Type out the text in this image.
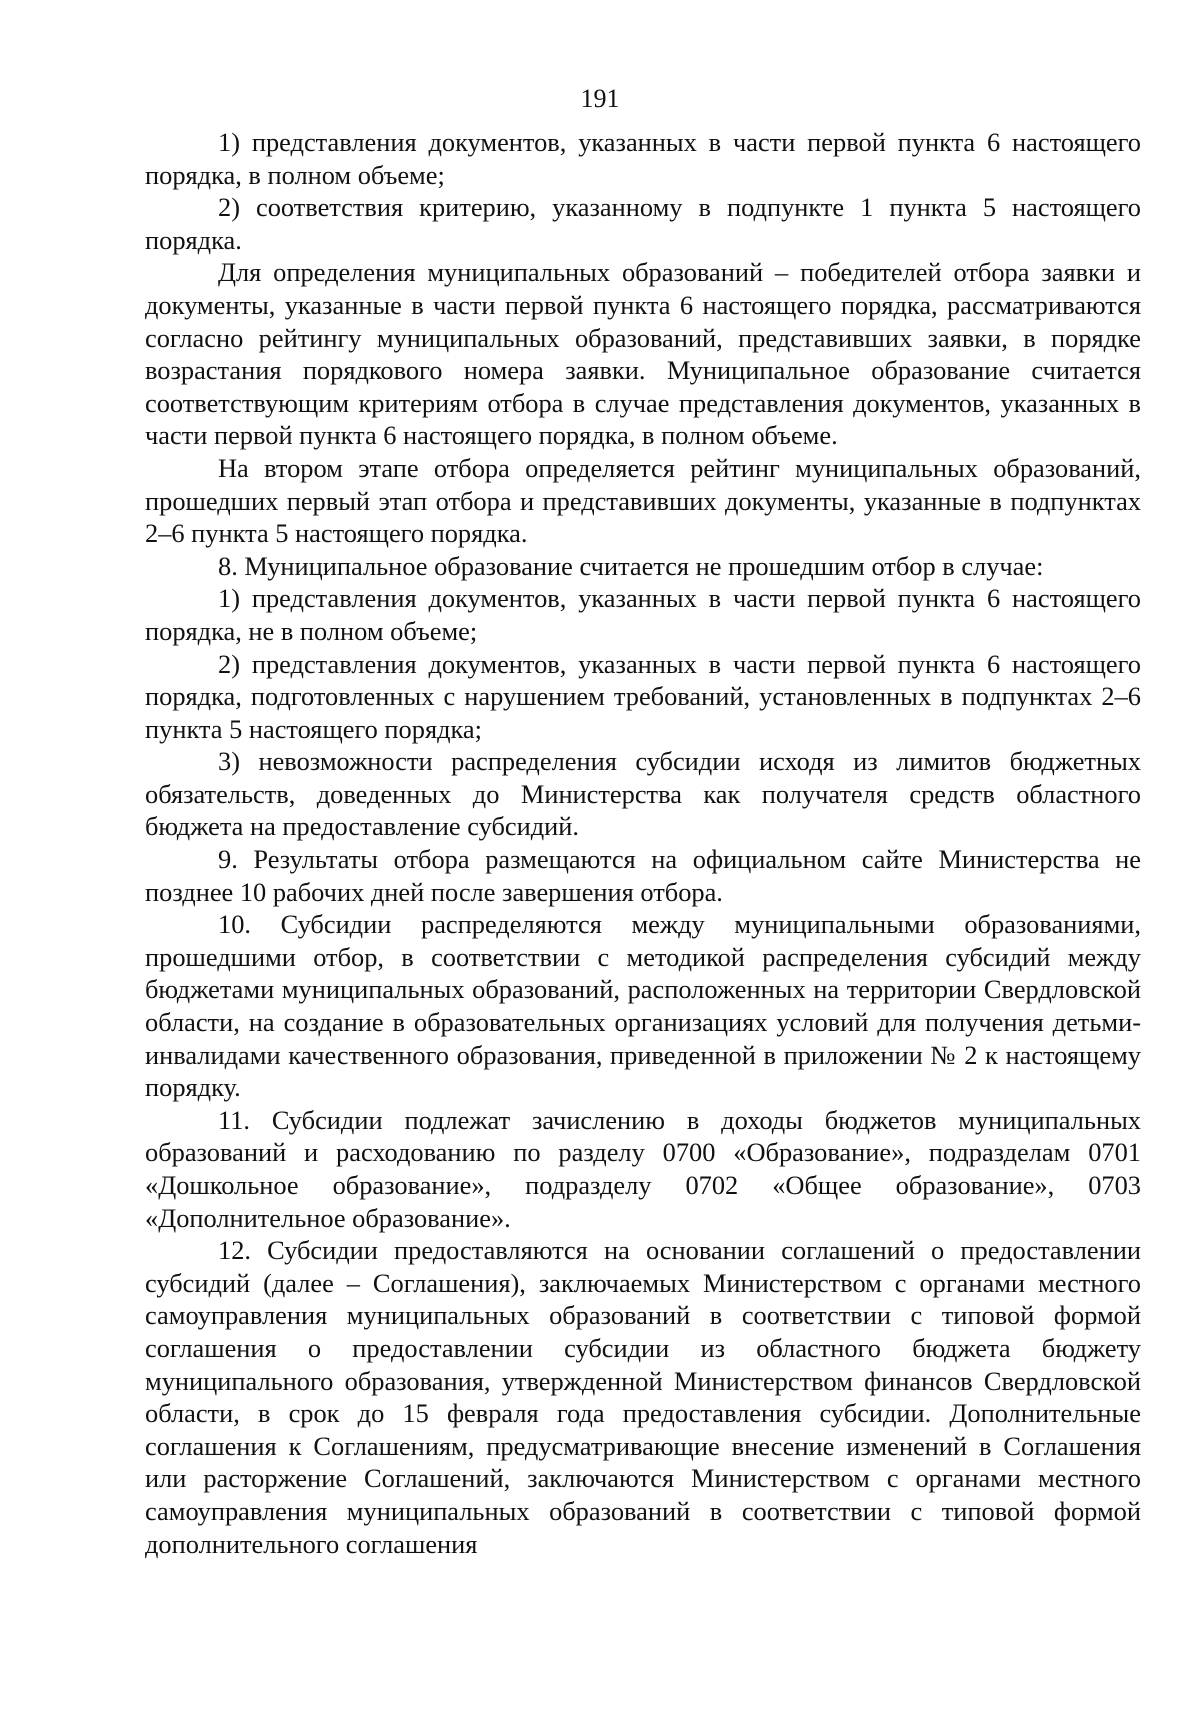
191

1) представления документов, указанных в части первой пункта 6 настоящего порядка, в полном объеме;

2) соответствия критерию, указанному в подпункте 1 пункта 5 настоящего порядка.

Для определения муниципальных образований – победителей отбора заявки и документы, указанные в части первой пункта 6 настоящего порядка, рассматриваются согласно рейтингу муниципальных образований, представивших заявки, в порядке возрастания порядкового номера заявки. Муниципальное образование считается соответствующим критериям отбора в случае представления документов, указанных в части первой пункта 6 настоящего порядка, в полном объеме.

На втором этапе отбора определяется рейтинг муниципальных образований, прошедших первый этап отбора и представивших документы, указанные в подпунктах 2–6 пункта 5 настоящего порядка.

8. Муниципальное образование считается не прошедшим отбор в случае:

1) представления документов, указанных в части первой пункта 6 настоящего порядка, не в полном объеме;

2) представления документов, указанных в части первой пункта 6 настоящего порядка, подготовленных с нарушением требований, установленных в подпунктах 2–6 пункта 5 настоящего порядка;

3) невозможности распределения субсидии исходя из лимитов бюджетных обязательств, доведенных до Министерства как получателя средств областного бюджета на предоставление субсидий.

9. Результаты отбора размещаются на официальном сайте Министерства не позднее 10 рабочих дней после завершения отбора.

10. Субсидии распределяются между муниципальными образованиями, прошедшими отбор, в соответствии с методикой распределения субсидий между бюджетами муниципальных образований, расположенных на территории Свердловской области, на создание в образовательных организациях условий для получения детьми-инвалидами качественного образования, приведенной в приложении № 2 к настоящему порядку.

11. Субсидии подлежат зачислению в доходы бюджетов муниципальных образований и расходованию по разделу 0700 «Образование», подразделам 0701 «Дошкольное образование», подразделу 0702 «Общее образование», 0703 «Дополнительное образование».

12. Субсидии предоставляются на основании соглашений о предоставлении субсидий (далее – Соглашения), заключаемых Министерством с органами местного самоуправления муниципальных образований в соответствии с типовой формой соглашения о предоставлении субсидии из областного бюджета бюджету муниципального образования, утвержденной Министерством финансов Свердловской области, в срок до 15 февраля года предоставления субсидии. Дополнительные соглашения к Соглашениям, предусматривающие внесение изменений в Соглашения или расторжение Соглашений, заключаются Министерством с органами местного самоуправления муниципальных образований в соответствии с типовой формой дополнительного соглашения
